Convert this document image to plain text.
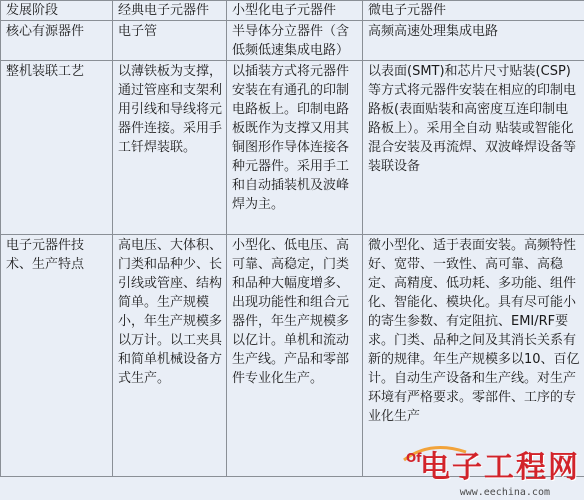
发展阶段	经典电子元器件	小型化电子元器件	微电子元器件
核心有源器件	电子管	半导体分立器件（含低频低速集成电路）	高频高速处理集成电路
整机装联工艺	以薄铁板为支撑，通过管座和支架利用引线和导线将元器件连接。采用手工钎焊装联。	以插装方式将元器件安装在有通孔的印制电路板上。印制电路板既作为支撑又用其铜图形作导体连接各种元器件。采用手工和自动插装机及波峰焊为主。	以表面(SMT)和芯片尺寸贴装(CSP)等方式将元器件安装在相应的印制电路板(表面贴装和高密度互连印制电路板上）。采用全自动 贴装或智能化混合安装及再流焊、双波峰焊设备等装联设备
电子元器件技术、生产特点	高电压、大体积、门类和品种少、长引线或管座、结构简单。生产规模小，年生产规模多以万计。以工夹具和简单机械设备方式生产。	小型化、低电压、高可靠、高稳定，门类和品种大幅度增多、出现功能性和组合元器件，年生产规模多以亿计。单机和流动生产线。产品和零部件专业化生产。	微小型化、适于表面安装。高频特性好、宽带、一致性、高可靠、高稳定、高精度、低功耗、多功能、组件化、智能化、模块化。具有尽可能小的寄生参数、有定阻抗、EMI/RF要求。门类、品种之间及其消长关系有新的规律。年生产规模多以10、百亿计。自动生产设备和生产线。对生产环境有严格要求。零部件、工序的专业化生产
Of
电子工程网
www.eechina.com
